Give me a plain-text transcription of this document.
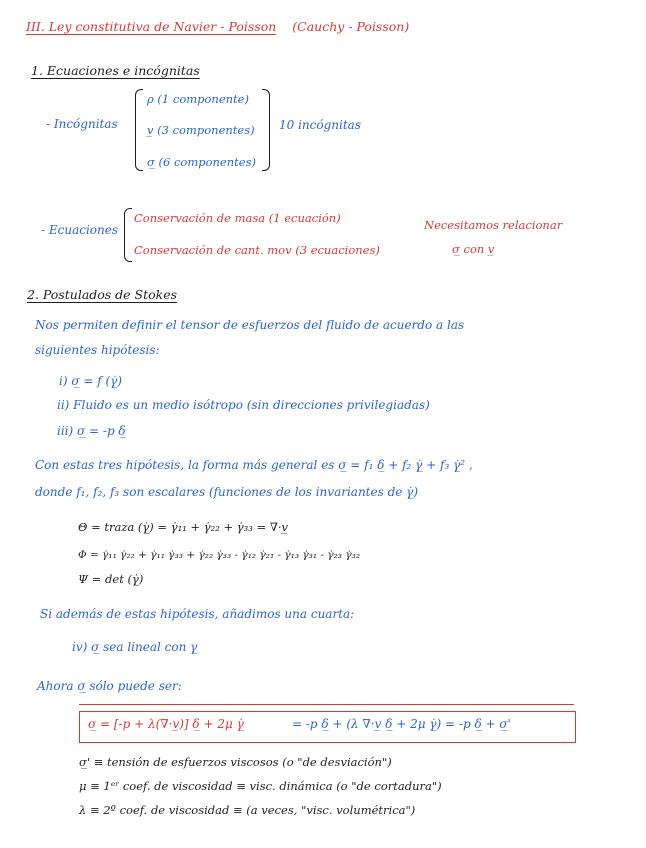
III. Ley constitutiva de Navier - Poisson (Cauchy - Poisson)
1. Ecuaciones e incógnitas
- Incógnitas
ρ (1 componente)
v̲ (3 componentes)
σ̲ (6 componentes)
10 incógnitas
- Ecuaciones
Conservación de masa (1 ecuación)
Conservación de cant. mov (3 ecuaciones)
Necesitamos relacionar
σ̲ con v̲
2. Postulados de Stokes
Nos permiten definir el tensor de esfuerzos del fluido de acuerdo a las
siguientes hipótesis:
i) σ̲ = f (γ̲̇)
ii) Fluido es un medio isótropo (sin direcciones privilegiadas)
iii) σ̲ = -p δ̲
Con estas tres hipótesis, la forma más general es σ̲ = f₁ δ̲ + f₂ γ̲̇ + f₃ γ̲̇² ,
donde f₁, f₂, f₃ son escalares (funciones de los invariantes de γ̲̇)
Θ = traza (γ̲̇) = γ̇₁₁ + γ̇₂₂ + γ̇₃₃ = ∇·v̲
Φ = γ̇₁₁ γ̇₂₂ + γ̇₁₁ γ̇₃₃ + γ̇₂₂ γ̇₃₃ - γ̇₁₂ γ̇₂₁ - γ̇₁₃ γ̇₃₁ - γ̇₂₃ γ̇₃₂
Ψ = det (γ̲̇)
Si además de estas hipótesis, añadimos una cuarta:
iv) σ̲ sea lineal con γ̲
Ahora σ̲ sólo puede ser:
σ̲ = [-p + λ(∇·v̲)] δ̲ + 2μ γ̲̇	= -p δ̲ + (λ ∇·v̲ δ̲ + 2μ γ̲̇) = -p δ̲ + σ̲'
σ̲' ≡ tensión de esfuerzos viscosos (o "de desviación")
μ ≡ 1ᵉʳ coef. de viscosidad ≡ visc. dinámica (o "de cortadura")
λ ≡ 2º coef. de viscosidad ≡ (a veces, "visc. volumétrica")
